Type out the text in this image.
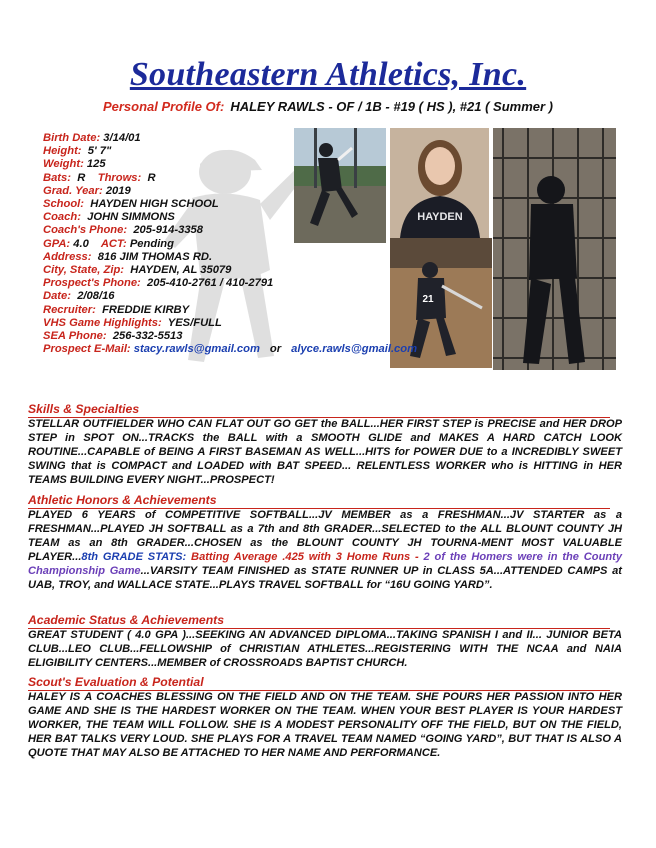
Southeastern Athletics, Inc.
Personal Profile Of: HALEY RAWLS - OF / 1B - #19 ( HS ), #21 ( Summer )
HAYDEN
21
Birth Date: 3/14/01
Height: 5' 7"
Weight: 125
Bats: R Throws: R
Grad. Year: 2019
School: HAYDEN HIGH SCHOOL
Coach: JOHN SIMMONS
Coach's Phone: 205-914-3358
GPA: 4.0 ACT: Pending
Address: 816 JIM THOMAS RD.
City, State, Zip: HAYDEN, AL 35079
Prospect's Phone: 205-410-2761 / 410-2791
Date: 2/08/16
Recruiter: FREDDIE KIRBY
VHS Game Highlights: YES/FULL
SEA Phone: 256-332-5513
Prospect E-Mail: stacy.rawls@gmail.com or alyce.rawls@gmail.com
Skills & Specialties
STELLAR OUTFIELDER WHO CAN FLAT OUT GO GET the BALL...HER FIRST STEP is PRECISE and HER DROP STEP in SPOT ON...TRACKS the BALL with a SMOOTH GLIDE and MAKES A HARD CATCH LOOK ROUTINE...CAPABLE of BEING A FIRST BASEMAN AS WELL...HITS for POWER DUE to a INCREDIBLY SWEET SWING that is COMPACT and LOADED with BAT SPEED... RELENTLESS WORKER who is HITTING in HER TEAMS BUILDING EVERY NIGHT...PROSPECT!
Athletic Honors & Achievements
PLAYED 6 YEARS of COMPETITIVE SOFTBALL...JV MEMBER as a FRESHMAN...JV STARTER as a FRESHMAN...PLAYED JH SOFTBALL as a 7th and 8th GRADER...SELECTED to the ALL BLOUNT COUNTY JH TEAM as an 8th GRADER...CHOSEN as the BLOUNT COUNTY JH TOURNA-MENT MOST VALUABLE PLAYER...8th GRADE STATS: Batting Average .425 with 3 Home Runs - 2 of the Homers were in the County Championship Game...VARSITY TEAM FINISHED as STATE RUNNER UP in CLASS 5A...ATTENDED CAMPS at UAB, TROY, and WALLACE STATE...PLAYS TRAVEL SOFTBALL for “16U GOING YARD”.
Academic Status & Achievements
GREAT STUDENT ( 4.0 GPA )...SEEKING AN ADVANCED DIPLOMA...TAKING SPANISH I and II... JUNIOR BETA CLUB...LEO CLUB...FELLOWSHIP of CHRISTIAN ATHLETES...REGISTERING WITH THE NCAA and NAIA ELIGIBILITY CENTERS...MEMBER of CROSSROADS BAPTIST CHURCH.
Scout's Evaluation & Potential
HALEY IS A COACHES BLESSING ON THE FIELD AND ON THE TEAM. SHE POURS HER PASSION INTO HER GAME AND SHE IS THE HARDEST WORKER ON THE TEAM. WHEN YOUR BEST PLAYER IS YOUR HARDEST WORKER, THE TEAM WILL FOLLOW. SHE IS A MODEST PERSONALITY OFF THE FIELD, BUT ON THE FIELD, HER BAT TALKS VERY LOUD. SHE PLAYS FOR A TRAVEL TEAM NAMED “GOING YARD”, BUT THAT IS ALSO A QUOTE THAT MAY ALSO BE ATTACHED TO HER NAME AND PERFORMANCE.
